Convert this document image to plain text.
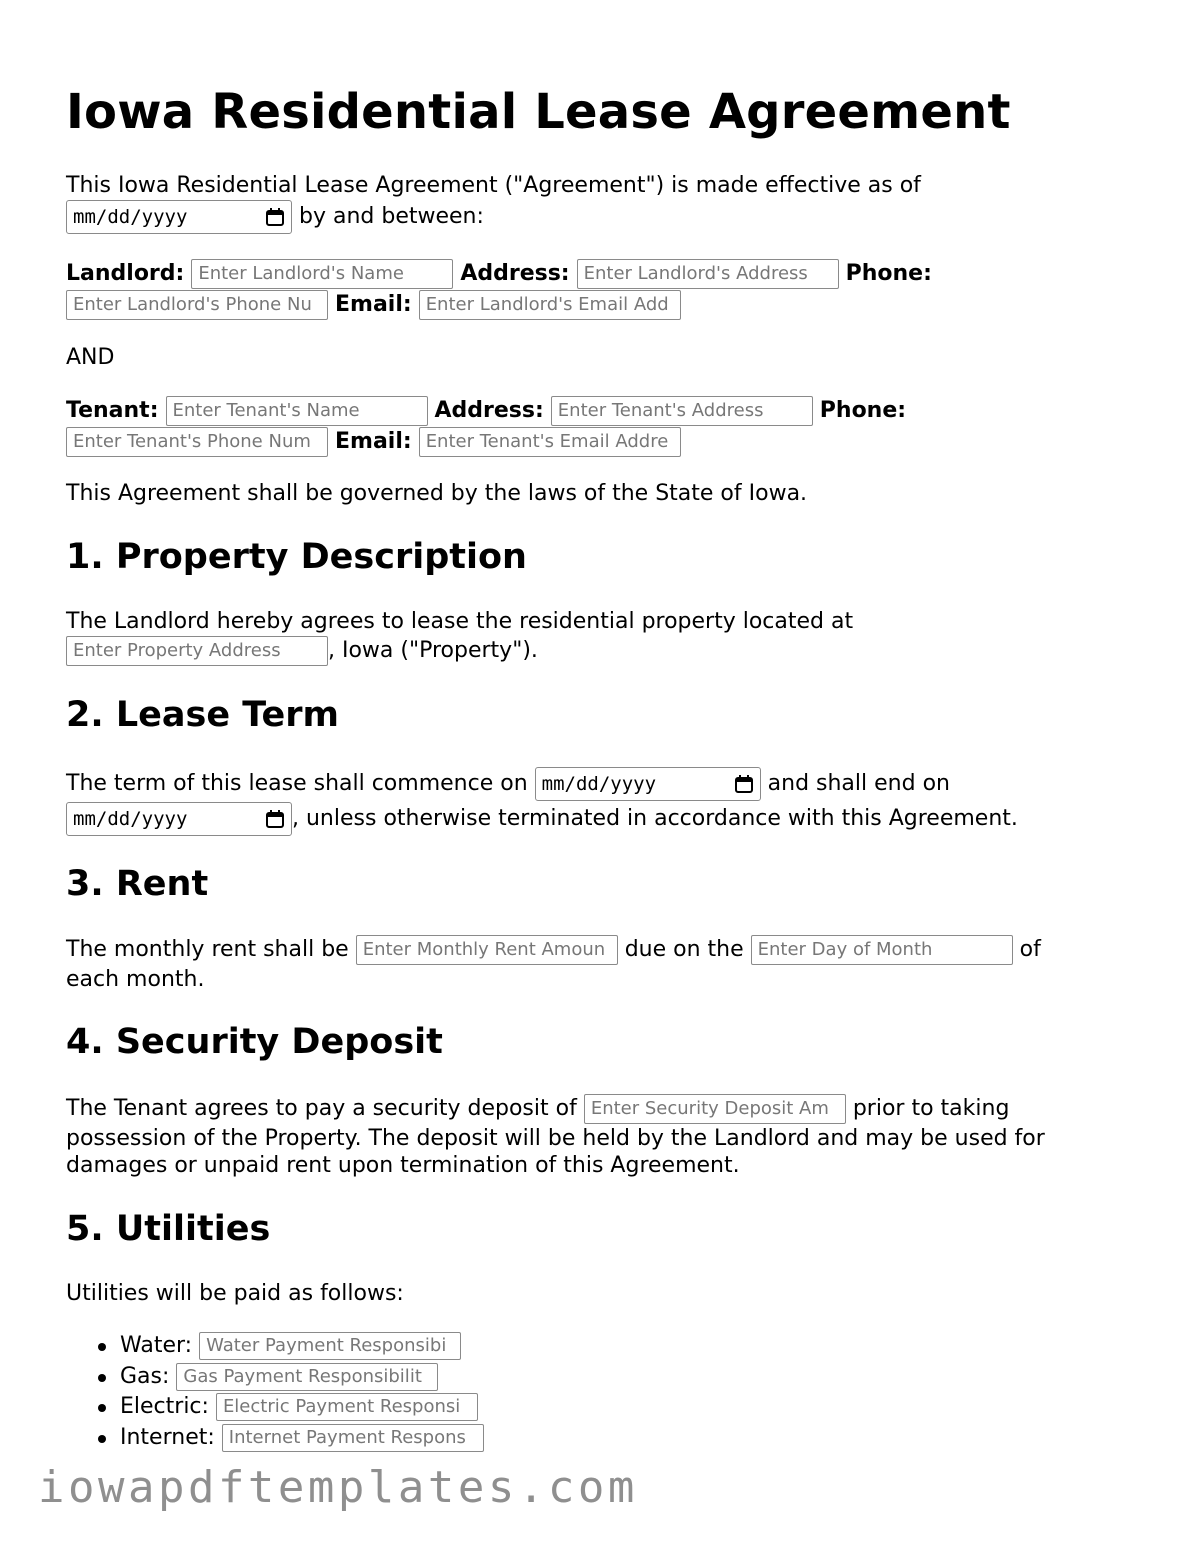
Iowa Residential Lease Agreement

This Iowa Residential Lease Agreement ("Agreement") is made effective as of

mm/dd/yyyy	by and between:
Landlord: Enter Landlord's Name	Address: Enter Landlord's Address Phone:
Enter Landlord's Phone Nu Email: Enter Landlord's Email Add

AND

Tenant: Enter Tenant's Name	Address: Enter Tenant's Address	Phone:
Enter Tenant's Phone Num Email: Enter Tenant's Email Addre

This Agreement shall be governed by the laws of the State of Iowa.

1. Property Description

The Landlord hereby agrees to lease the residential property located at

Enter Property Address , Iowa ("Property").
2. Lease Term
The term of this lease shall commence on mm/dd/yyyy	and shall end on
mm/dd/yyyy	, unless otherwise terminated in accordance with this Agreement.
3. Rent
The monthly rent shall be Enter Monthly Rent Amoun due on the Enter Day of Month	of

each month.

4. Security Deposit
The Tenant agrees to pay a security deposit of Enter Security Deposit Am prior to taking

possession of the Property. The deposit will be held by the Landlord and may be used for

damages or unpaid rent upon termination of this Agreement.

5. Utilities

Utilities will be paid as follows:

Water: Water Payment Responsibi
Gas: Gas Payment Responsibilit
Electric: Electric Payment Responsi
Internet: Internet Payment Respons
iowapdftemplates.com
